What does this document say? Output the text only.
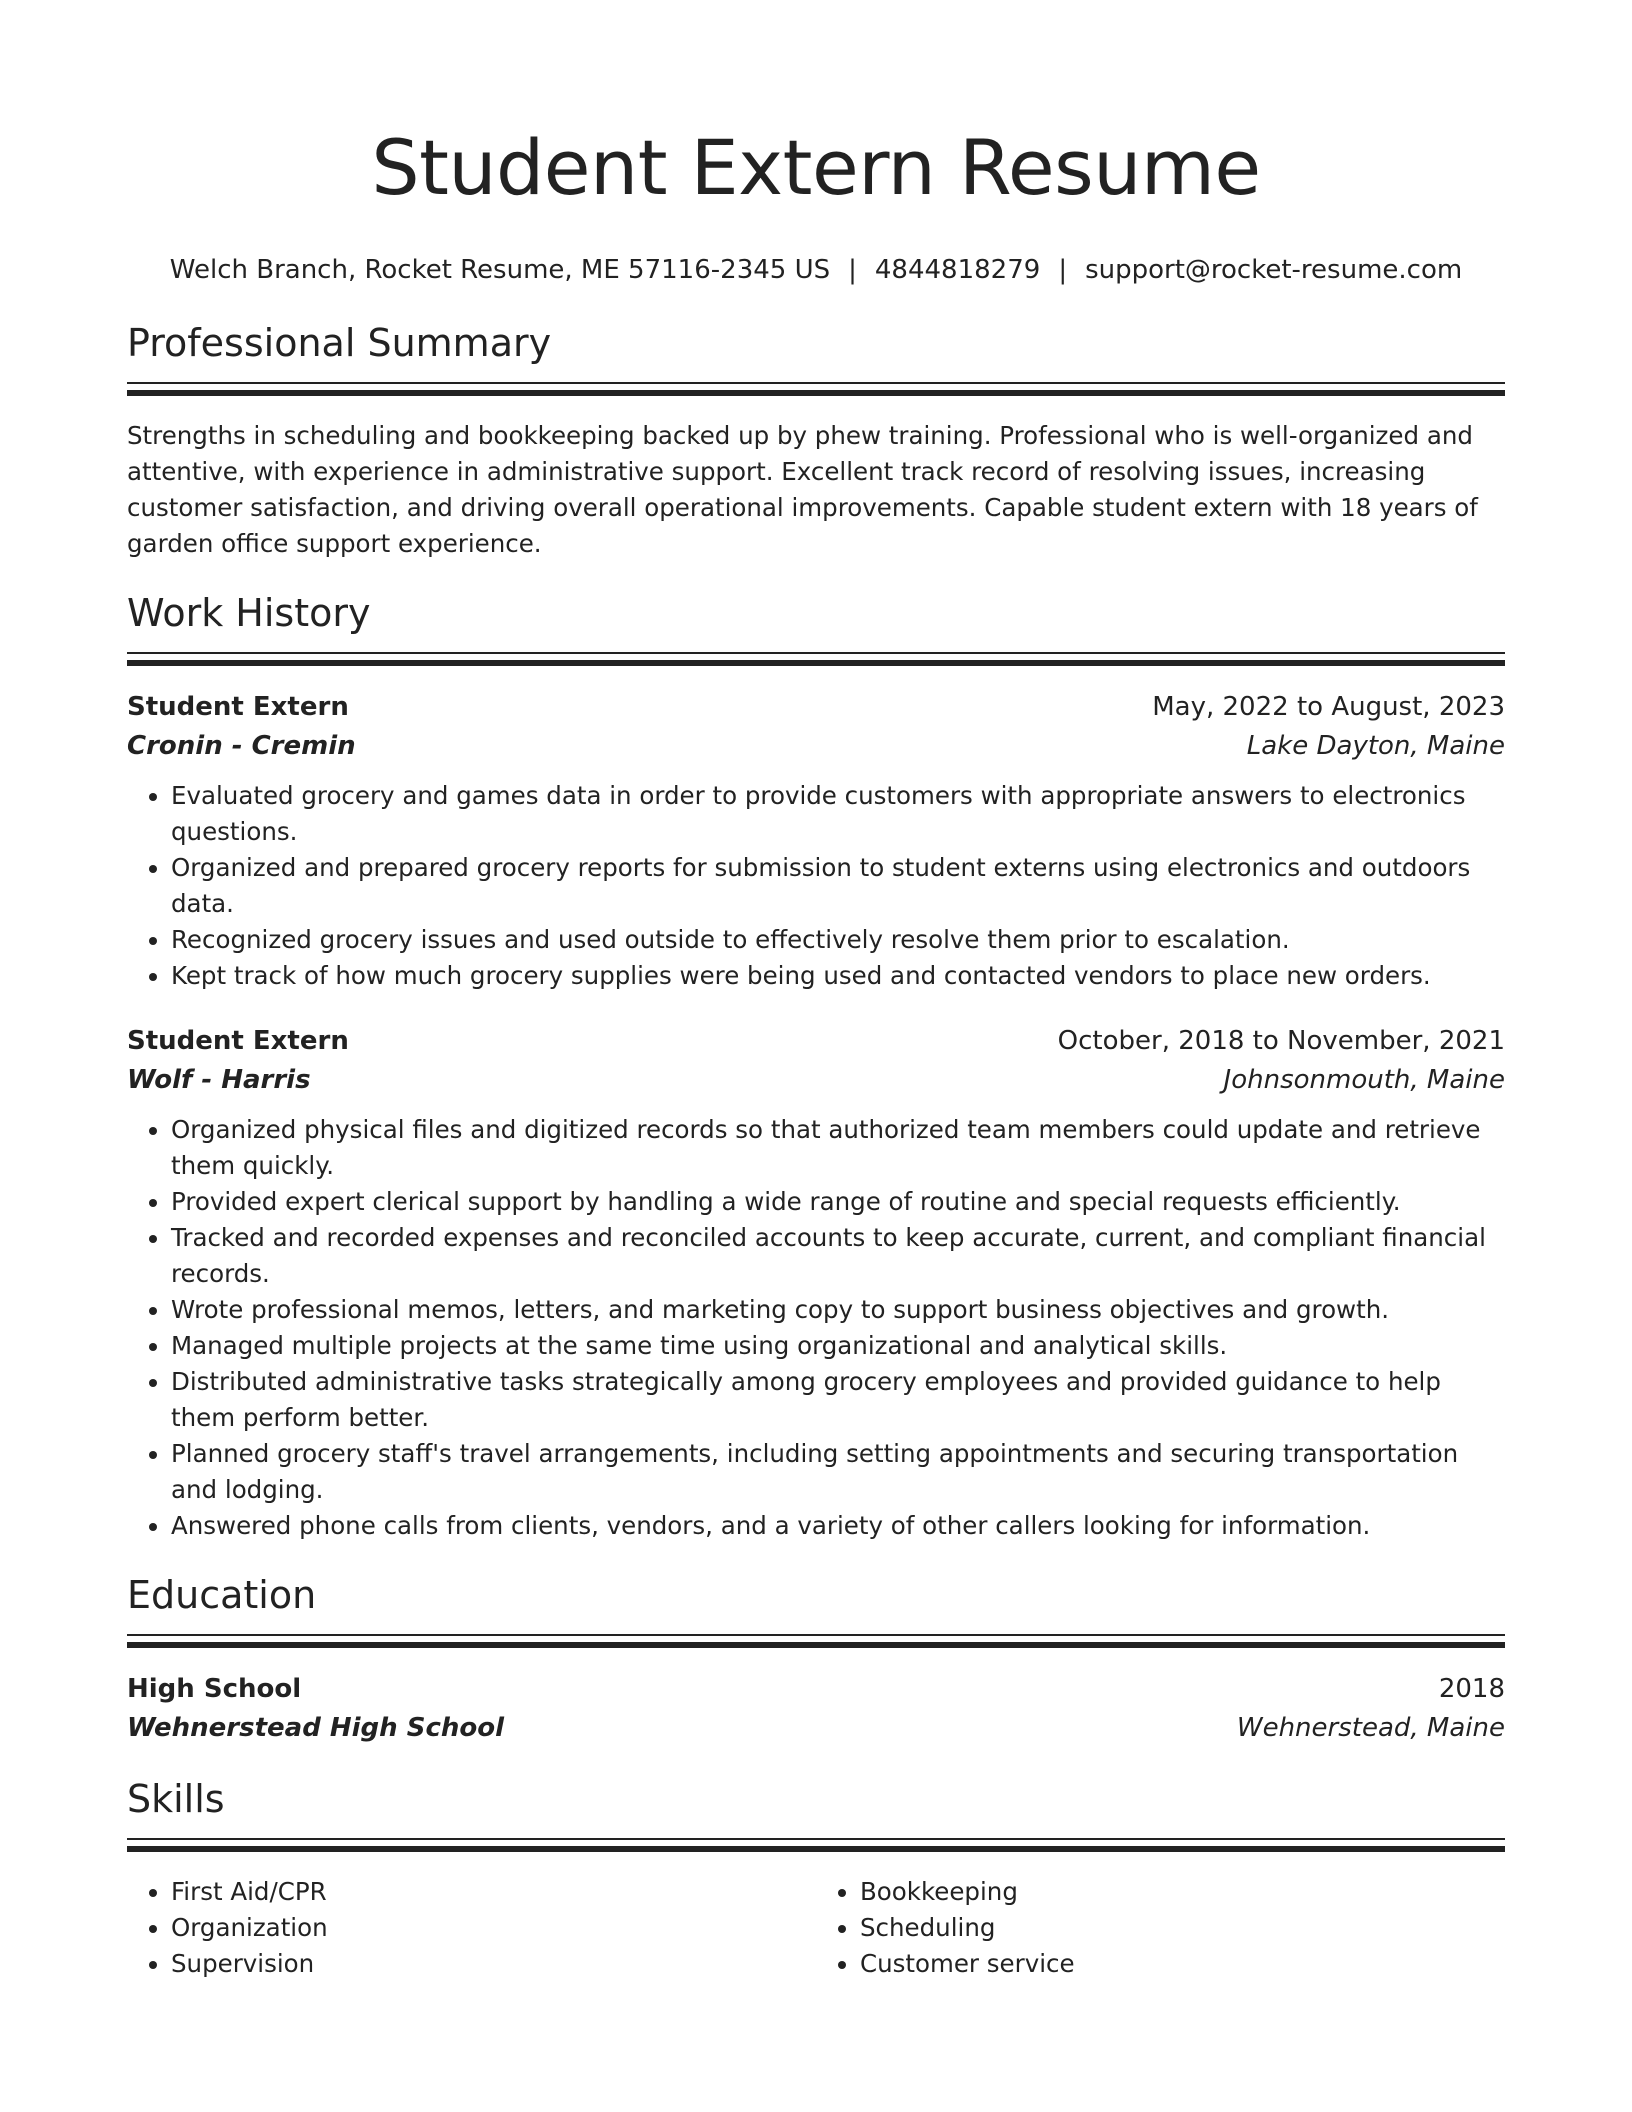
Student Extern Resume
Welch Branch, Rocket Resume, ME 57116-2345 US | 4844818279 | support@rocket-resume.com
Professional Summary

Strengths in scheduling and bookkeeping backed up by phew training. Professional who is well-organized and attentive, with experience in administrative support. Excellent track record of resolving issues, increasing customer satisfaction, and driving overall operational improvements. Capable student extern with 18 years of garden office support experience.

Work History
Student Extern	May, 2022 to August, 2023
Cronin - Cremin	Lake Dayton, Maine
• Evaluated grocery and games data in order to provide customers with appropriate answers to electronics questions.
• Organized and prepared grocery reports for submission to student externs using electronics and outdoors data.
• Recognized grocery issues and used outside to effectively resolve them prior to escalation.
• Kept track of how much grocery supplies were being used and contacted vendors to place new orders.
Student Extern	October, 2018 to November, 2021
Wolf - Harris	Johnsonmouth, Maine
• Organized physical files and digitized records so that authorized team members could update and retrieve them quickly.
• Provided expert clerical support by handling a wide range of routine and special requests efficiently.
• Tracked and recorded expenses and reconciled accounts to keep accurate, current, and compliant financial records.
• Wrote professional memos, letters, and marketing copy to support business objectives and growth.
• Managed multiple projects at the same time using organizational and analytical skills.
• Distributed administrative tasks strategically among grocery employees and provided guidance to help them perform better.
• Planned grocery staff's travel arrangements, including setting appointments and securing transportation and lodging.
• Answered phone calls from clients, vendors, and a variety of other callers looking for information.
Education
High School	2018
Wehnerstead High School	Wehnerstead, Maine
Skills
• First Aid/CPR
• Organization
• Supervision
• Bookkeeping
• Scheduling
• Customer service
